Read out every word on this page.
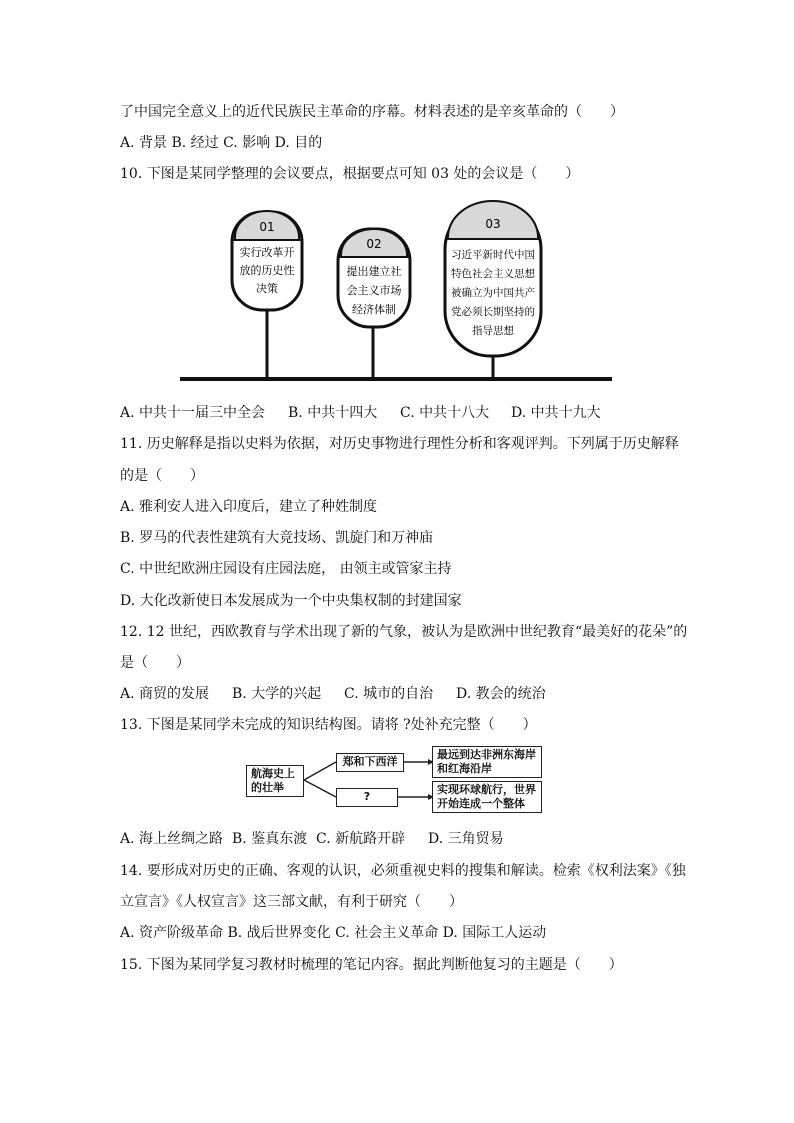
了中国完全意义上的近代民族民主革命的序幕。材料表述的是辛亥革命的（　　）
A. 背景 B. 经过 C. 影响 D. 目的
10. 下图是某同学整理的会议要点，根据要点可知 03 处的会议是（　　）
01
实行改革开
放的历史性
决策
02
提出建立社
会主义市场
经济体制
03
习近平新时代中国
特色社会主义思想
被确立为中国共产
党必须长期坚持的
指导思想
A. 中共十一届三中全会 B. 中共十四大 C. 中共十八大 D. 中共十九大
11. 历史解释是指以史料为依据，对历史事物进行理性分析和客观评判。下列属于历史解释
的是（　　）
A. 雅利安人进入印度后，建立了种姓制度
B. 罗马的代表性建筑有大竞技场、凯旋门和万神庙
C. 中世纪欧洲庄园设有庄园法庭， 由领主或管家主持
D. 大化改新使日本发展成为一个中央集权制的封建国家
12. 12 世纪，西欧教育与学术出现了新的气象，被认为是欧洲中世纪教育“最美好的花朵”的
是（　　）
A. 商贸的发展 B. 大学的兴起 C. 城市的自治 D. 教会的统治
13. 下图是某同学未完成的知识结构图。请将 ?处补充完整（　　）
航海史上
的壮举
郑和下西洋
?
最远到达非洲东海岸
和红海沿岸
实现环球航行，世界
开始连成一个整体
A. 海上丝绸之路 B. 鉴真东渡 C. 新航路开辟 D. 三角贸易
14. 要形成对历史的正确、客观的认识，必须重视史料的搜集和解读。检索《权利法案》《独
立宣言》《人权宣言》这三部文献，有利于研究（　　）
A. 资产阶级革命 B. 战后世界变化 C. 社会主义革命 D. 国际工人运动
15. 下图为某同学复习教材时梳理的笔记内容。据此判断他复习的主题是（　　）
